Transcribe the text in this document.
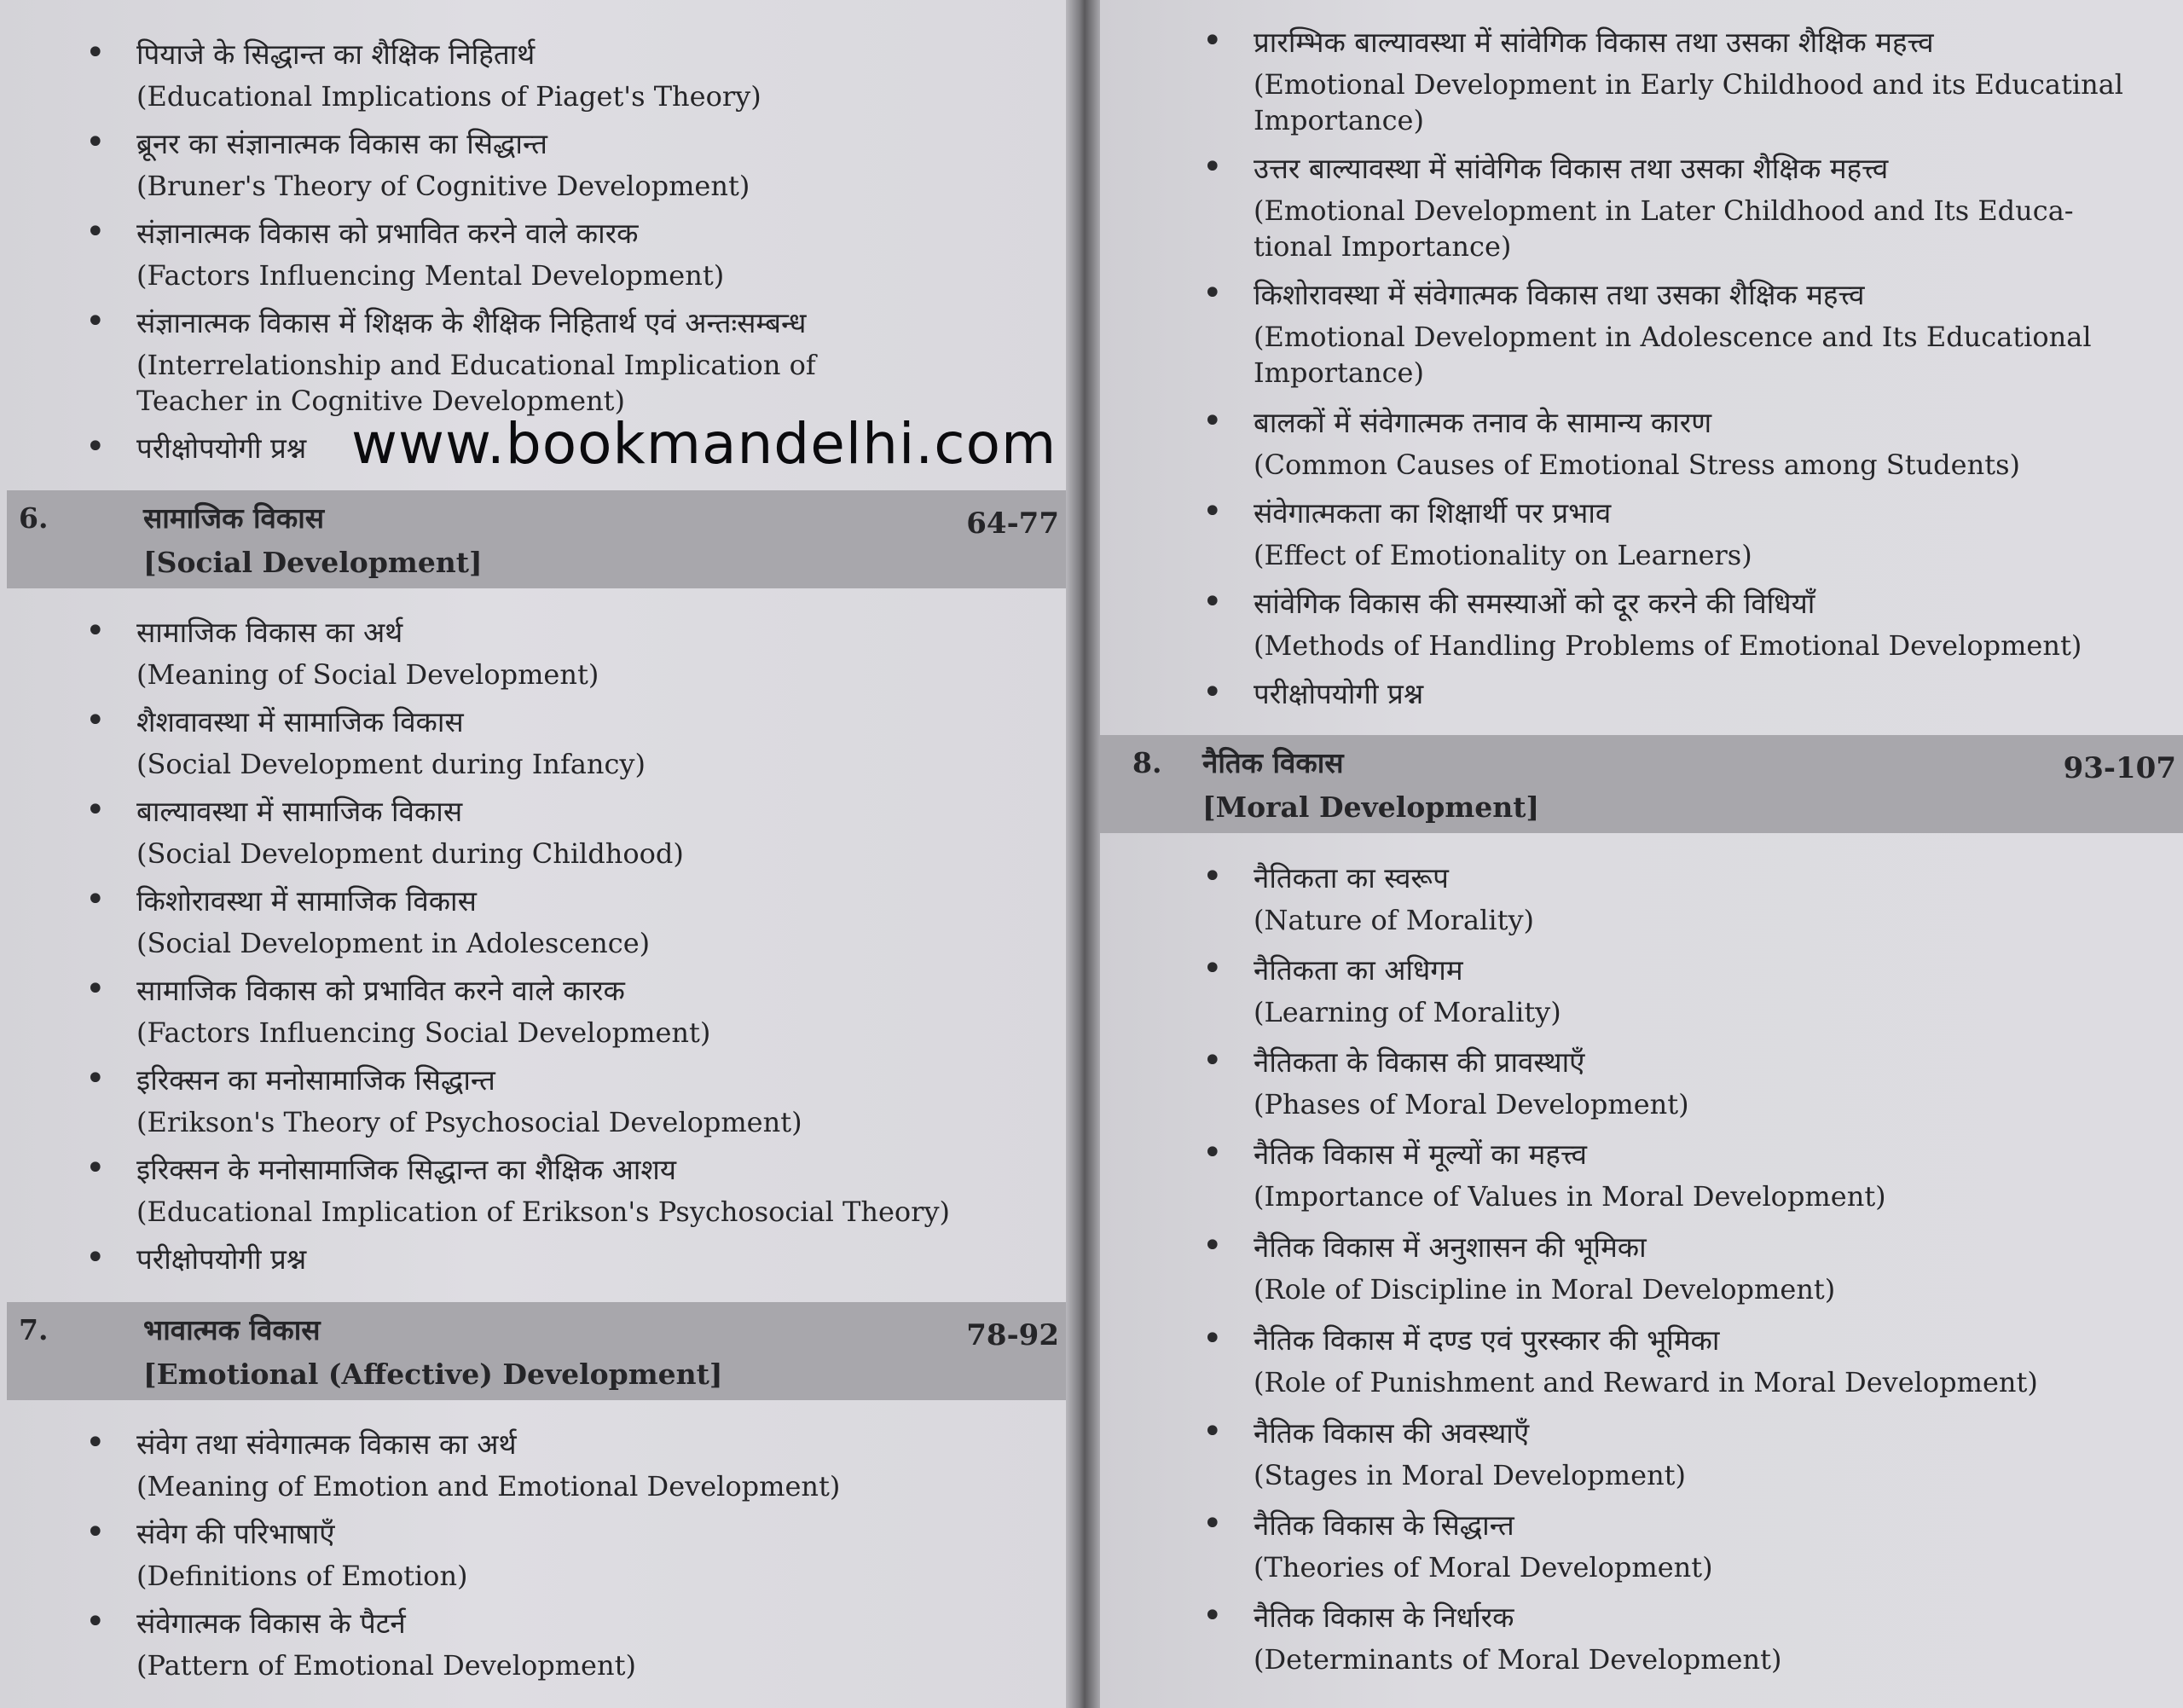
• पियाजे के सिद्धान्त का शैक्षिक निहितार्थ
(Educational Implications of Piaget's Theory)
• ब्रूनर का संज्ञानात्मक विकास का सिद्धान्त
(Bruner's Theory of Cognitive Development)
• संज्ञानात्मक विकास को प्रभावित करने वाले कारक
(Factors Influencing Mental Development)
• संज्ञानात्मक विकास में शिक्षक के शैक्षिक निहितार्थ एवं अन्तःसम्बन्ध
(Interrelationship and Educational Implication of Teacher in Cognitive Development)
• परीक्षोपयोगी प्रश्न www.bookmandelhi.com
6.	सामाजिक विकास
[Social Development]
64-77
• सामाजिक विकास का अर्थ
(Meaning of Social Development)
• शैशवावस्था में सामाजिक विकास
(Social Development during Infancy)
• बाल्यावस्था में सामाजिक विकास
(Social Development during Childhood)
• किशोरावस्था में सामाजिक विकास
(Social Development in Adolescence)
• सामाजिक विकास को प्रभावित करने वाले कारक
(Factors Influencing Social Development)
• इरिक्सन का मनोसामाजिक सिद्धान्त
(Erikson's Theory of Psychosocial Development)
• इरिक्सन के मनोसामाजिक सिद्धान्त का शैक्षिक आशय
(Educational Implication of Erikson's Psychosocial Theory)
• परीक्षोपयोगी प्रश्न
7.	भावात्मक विकास
[Emotional (Affective) Development]
78-92
• संवेग तथा संवेगात्मक विकास का अर्थ
(Meaning of Emotion and Emotional Development)
• संवेग की परिभाषाएँ
(Definitions of Emotion)
• संवेगात्मक विकास के पैटर्न
(Pattern of Emotional Development)
• प्रारम्भिक बाल्यावस्था में सांवेगिक विकास तथा उसका शैक्षिक महत्त्व
(Emotional Development in Early Childhood and its Educatinal Importance)
• उत्तर बाल्यावस्था में सांवेगिक विकास तथा उसका शैक्षिक महत्त्व
(Emotional Development in Later Childhood and Its Educa-tional Importance)
• किशोरावस्था में संवेगात्मक विकास तथा उसका शैक्षिक महत्त्व
(Emotional Development in Adolescence and Its Educational Importance)
• बालकों में संवेगात्मक तनाव के सामान्य कारण
(Common Causes of Emotional Stress among Students)
• संवेगात्मकता का शिक्षार्थी पर प्रभाव
(Effect of Emotionality on Learners)
• सांवेगिक विकास की समस्याओं को दूर करने की विधियाँ
(Methods of Handling Problems of Emotional Development)
• परीक्षोपयोगी प्रश्न
8. नैतिक विकास
[Moral Development]
93-107
• नैतिकता का स्वरूप
(Nature of Morality)
• नैतिकता का अधिगम
(Learning of Morality)
• नैतिकता के विकास की प्रावस्थाएँ
(Phases of Moral Development)
• नैतिक विकास में मूल्यों का महत्त्व
(Importance of Values in Moral Development)
• नैतिक विकास में अनुशासन की भूमिका
(Role of Discipline in Moral Development)
• नैतिक विकास में दण्ड एवं पुरस्कार की भूमिका
(Role of Punishment and Reward in Moral Development)
• नैतिक विकास की अवस्थाएँ
(Stages in Moral Development)
• नैतिक विकास के सिद्धान्त
(Theories of Moral Development)
• नैतिक विकास के निर्धारक
(Determinants of Moral Development)
